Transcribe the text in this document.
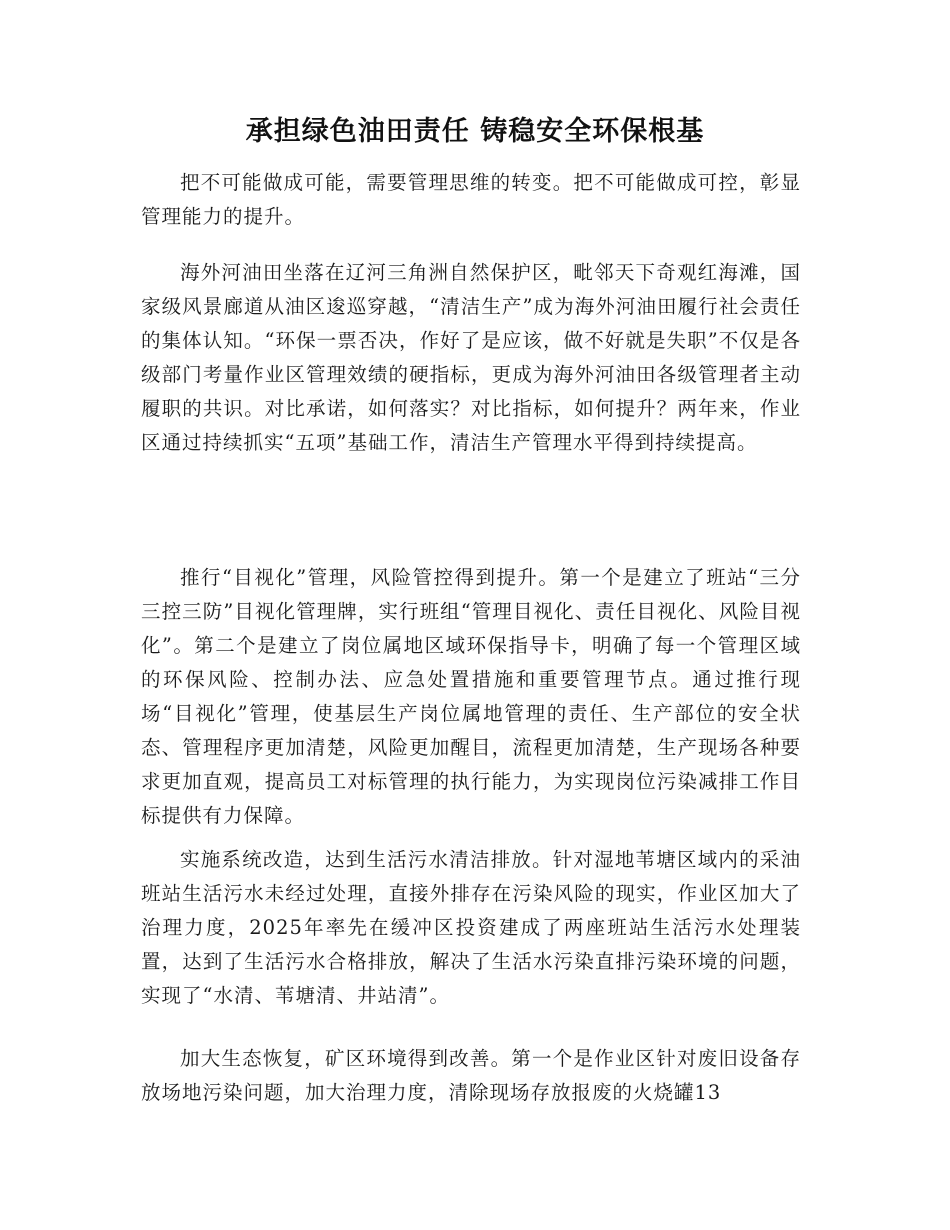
承担绿色油田责任 铸稳安全环保根基

把不可能做成可能，需要管理思维的转变。把不可能做成可控，彰显管理能力的提升。

海外河油田坐落在辽河三角洲自然保护区，毗邻天下奇观红海滩，国家级风景廊道从油区逡巡穿越，“清洁生产”成为海外河油田履行社会责任的集体认知。“环保一票否决，作好了是应该，做不好就是失职”不仅是各级部门考量作业区管理效绩的硬指标，更成为海外河油田各级管理者主动履职的共识。对比承诺，如何落实？对比指标，如何提升？两年来，作业区通过持续抓实“五项”基础工作，清洁生产管理水平得到持续提高。

推行“目视化”管理，风险管控得到提升。第一个是建立了班站“三分三控三防”目视化管理牌，实行班组“管理目视化、责任目视化、风险目视化”。第二个是建立了岗位属地区域环保指导卡，明确了每一个管理区域的环保风险、控制办法、应急处置措施和重要管理节点。通过推行现场“目视化”管理，使基层生产岗位属地管理的责任、生产部位的安全状态、管理程序更加清楚，风险更加醒目，流程更加清楚，生产现场各种要求更加直观，提高员工对标管理的执行能力，为实现岗位污染减排工作目标提供有力保障。

实施系统改造，达到生活污水清洁排放。针对湿地苇塘区域内的采油班站生活污水未经过处理，直接外排存在污染风险的现实，作业区加大了治理力度，2025年率先在缓冲区投资建成了两座班站生活污水处理装置，达到了生活污水合格排放，解决了生活水污染直排污染环境的问题，实现了“水清、苇塘清、井站清”。

加大生态恢复，矿区环境得到改善。第一个是作业区针对废旧设备存放场地污染问题，加大治理力度，清除现场存放报废的火烧罐13
